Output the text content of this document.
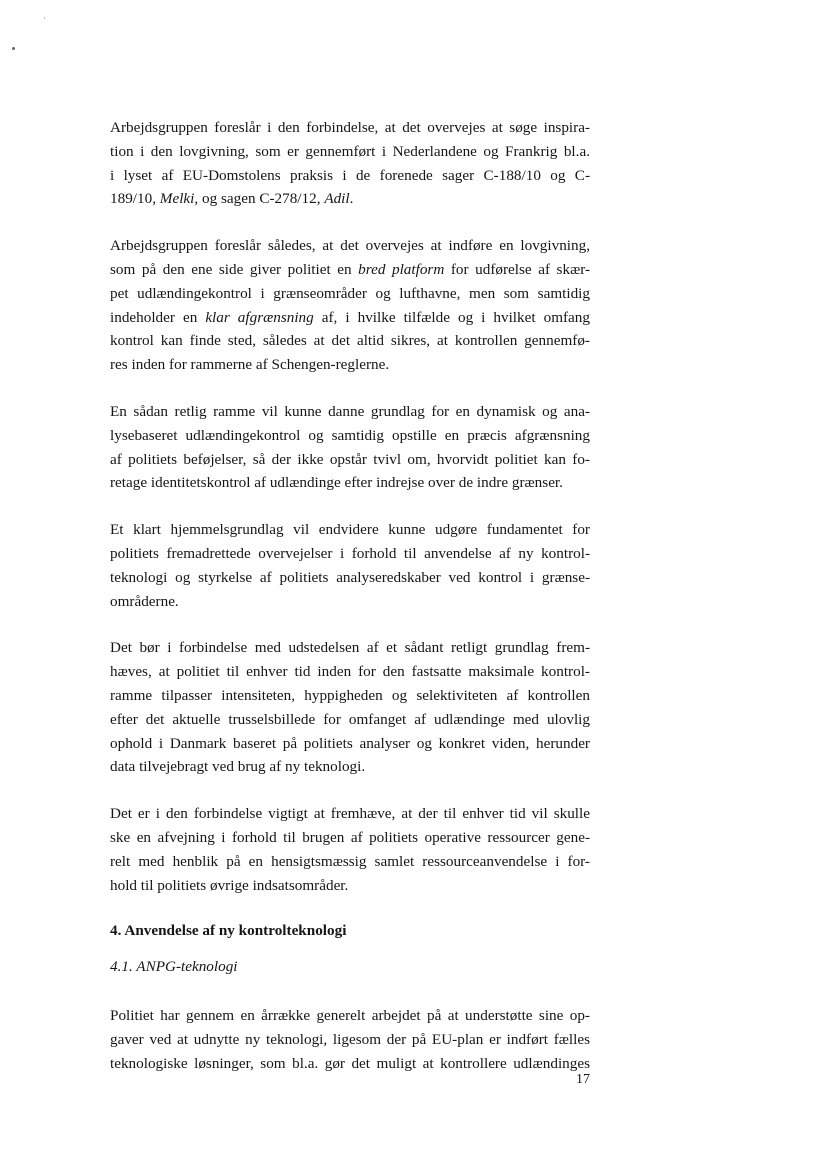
Arbejdsgruppen foreslår i den forbindelse, at det overvejes at søge inspira-
tion i den lovgivning, som er gennemført i Nederlandene og Frankrig bl.a.
i lyset af EU-Domstolens praksis i de forenede sager C-188/10 og C-
189/10, Melki, og sagen C-278/12, Adil.
Arbejdsgruppen foreslår således, at det overvejes at indføre en lovgivning,
som på den ene side giver politiet en bred platform for udførelse af skær-
pet udlændingekontrol i grænseområder og lufthavne, men som samtidig
indeholder en klar afgrænsning af, i hvilke tilfælde og i hvilket omfang
kontrol kan finde sted, således at det altid sikres, at kontrollen gennemfø-
res inden for rammerne af Schengen-reglerne.
En sådan retlig ramme vil kunne danne grundlag for en dynamisk og ana-
lysebaseret udlændingekontrol og samtidig opstille en præcis afgrænsning
af politiets beføjelser, så der ikke opstår tvivl om, hvorvidt politiet kan fo-
retage identitetskontrol af udlændinge efter indrejse over de indre grænser.
Et klart hjemmelsgrundlag vil endvidere kunne udgøre fundamentet for
politiets fremadrettede overvejelser i forhold til anvendelse af ny kontrol-
teknologi og styrkelse af politiets analyseredskaber ved kontrol i grænse-
områderne.
Det bør i forbindelse med udstedelsen af et sådant retligt grundlag frem-
hæves, at politiet til enhver tid inden for den fastsatte maksimale kontrol-
ramme tilpasser intensiteten, hyppigheden og selektiviteten af kontrollen
efter det aktuelle trusselsbillede for omfanget af udlændinge med ulovlig
ophold i Danmark baseret på politiets analyser og konkret viden, herunder
data tilvejebragt ved brug af ny teknologi.
Det er i den forbindelse vigtigt at fremhæve, at der til enhver tid vil skulle
ske en afvejning i forhold til brugen af politiets operative ressourcer gene-
relt med henblik på en hensigtsmæssig samlet ressourceanvendelse i for-
hold til politiets øvrige indsatsområder.

4. Anvendelse af ny kontrolteknologi

4.1. ANPG-teknologi

Politiet har gennem en årrække generelt arbejdet på at understøtte sine op-
gaver ved at udnytte ny teknologi, ligesom der på EU-plan er indført fælles
teknologiske løsninger, som bl.a. gør det muligt at kontrollere udlændinges
17
